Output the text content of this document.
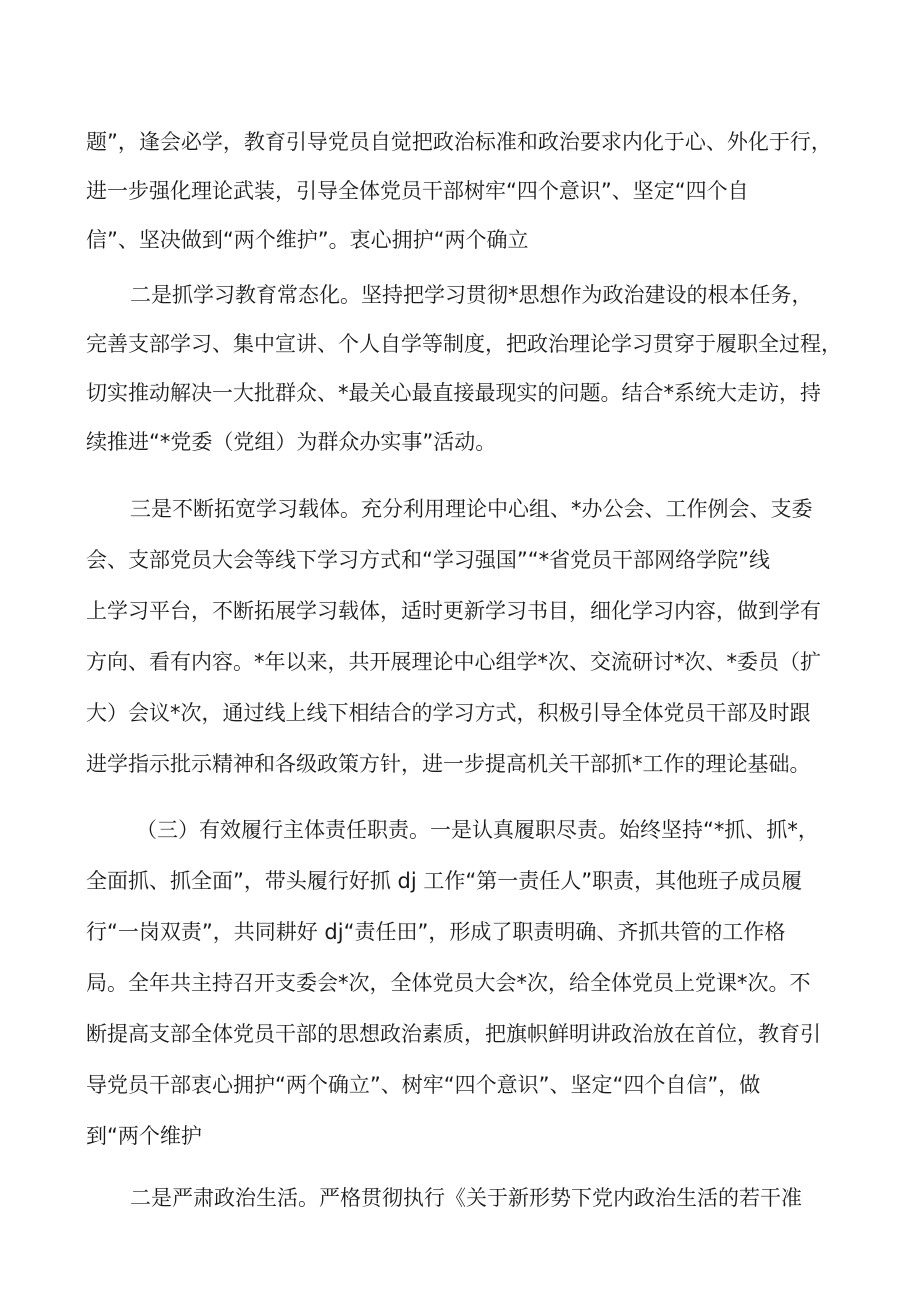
题”，逢会必学，教育引导党员自觉把政治标准和政治要求内化于心、外化于行，

进一步强化理论武装，引导全体党员干部树牢“四个意识”、坚定“四个自

信”、坚决做到“两个维护”。衷心拥护“两个确立

二是抓学习教育常态化。坚持把学习贯彻*思想作为政治建设的根本任务，

完善支部学习、集中宣讲、个人自学等制度，把政治理论学习贯穿于履职全过程，

切实推动解决一大批群众、*最关心最直接最现实的问题。结合*系统大走访，持

续推进“*党委（党组）为群众办实事”活动。

三是不断拓宽学习载体。充分利用理论中心组、*办公会、工作例会、支委

会、支部党员大会等线下学习方式和“学习强国”“*省党员干部网络学院”线

上学习平台，不断拓展学习载体，适时更新学习书目，细化学习内容，做到学有

方向、看有内容。*年以来，共开展理论中心组学*次、交流研讨*次、*委员（扩

大）会议*次，通过线上线下相结合的学习方式，积极引导全体党员干部及时跟

进学指示批示精神和各级政策方针，进一步提高机关干部抓*工作的理论基础。

（三）有效履行主体责任职责。一是认真履职尽责。始终坚持“*抓、抓*，

全面抓、抓全面”，带头履行好抓 dj 工作“第一责任人”职责，其他班子成员履

行“一岗双责”，共同耕好 dj“责任田”，形成了职责明确、齐抓共管的工作格

局。全年共主持召开支委会*次，全体党员大会*次，给全体党员上党课*次。不

断提高支部全体党员干部的思想政治素质，把旗帜鲜明讲政治放在首位，教育引

导党员干部衷心拥护“两个确立”、树牢“四个意识”、坚定“四个自信”，做

到“两个维护

二是严肃政治生活。严格贯彻执行《关于新形势下党内政治生活的若干准
